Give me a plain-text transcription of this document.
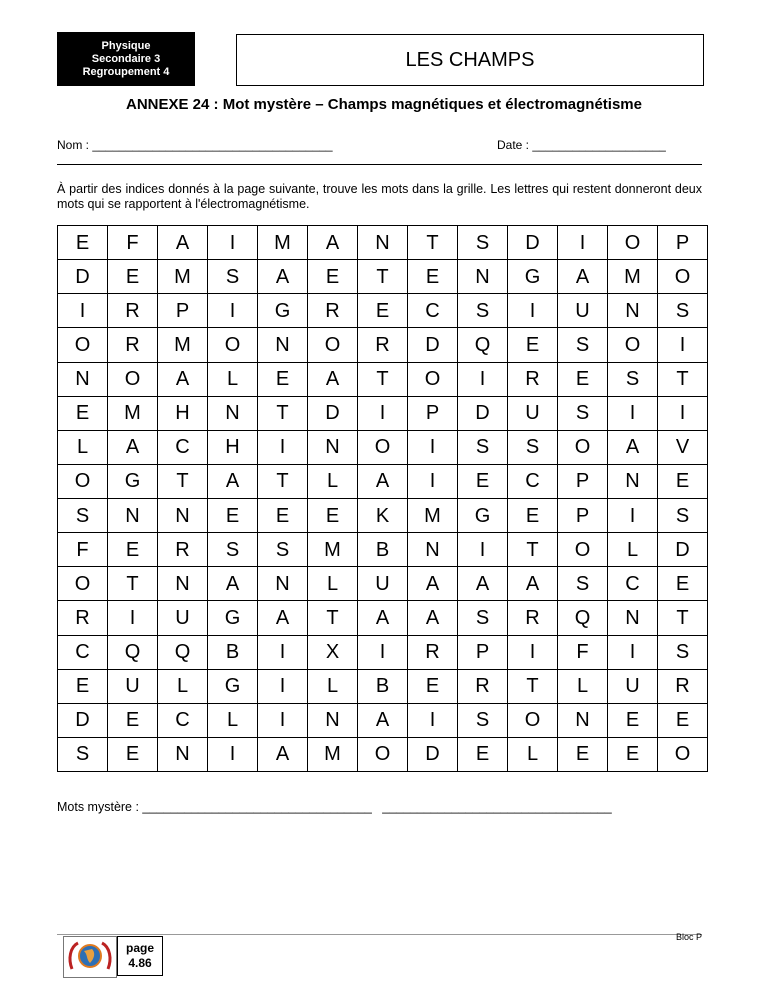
Physique
Secondaire 3
Regroupement 4
LES CHAMPS
ANNEXE 24 : Mot mystère – Champs magnétiques et électromagnétisme
Nom : ____________________________________	Date : ____________________
À partir des indices donnés à la page suivante, trouve les mots dans la grille. Les lettres qui restent donneront deux mots qui se rapportent à l'électromagnétisme.
E	F	A	I	M	A	N	T	S	D	I	O	P
D	E	M	S	A	E	T	E	N	G	A	M	O
I	R	P	I	G	R	E	C	S	I	U	N	S
O	R	M	O	N	O	R	D	Q	E	S	O	I
N	O	A	L	E	A	T	O	I	R	E	S	T
E	M	H	N	T	D	I	P	D	U	S	I	I
L	A	C	H	I	N	O	I	S	S	O	A	V
O	G	T	A	T	L	A	I	E	C	P	N	E
S	N	N	E	E	E	K	M	G	E	P	I	S
F	E	R	S	S	M	B	N	I	T	O	L	D
O	T	N	A	N	L	U	A	A	A	S	C	E
R	I	U	G	A	T	A	A	S	R	Q	N	T
C	Q	Q	B	I	X	I	R	P	I	F	I	S
E	U	L	G	I	L	B	E	R	T	L	U	R
D	E	C	L	I	N	A	I	S	O	N	E	E
S	E	N	I	A	M	O	D	E	L	E	E	O
Mots mystère : _________________________________   _________________________________
page
4.86
Bloc P
